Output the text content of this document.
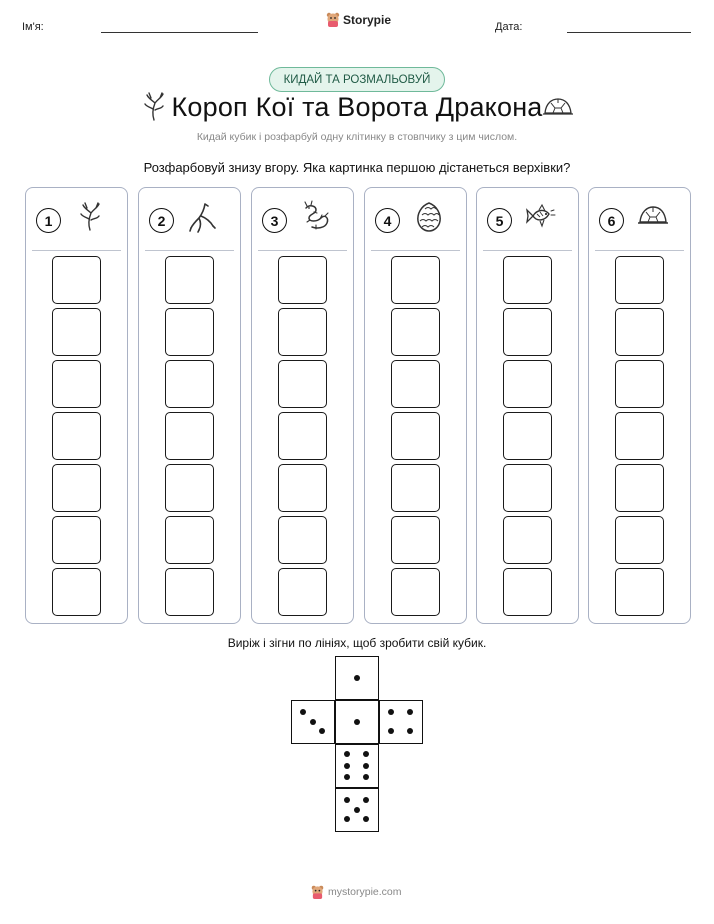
Ім'я:
Storypie
Дата:
КИДАЙ ТА РОЗМАЛЬОВУЙ
Короп Кої та Ворота Дракона
Кидай кубик і розфарбуй одну клітинку в стовпчику з цим числом.
Розфарбовуй знизу вгору. Яка картинка першою дістанеться верхівки?
1	2	3	4	5	6
Виріж і зігни по лініях, щоб зробити свій кубик.
mystorypie.com
